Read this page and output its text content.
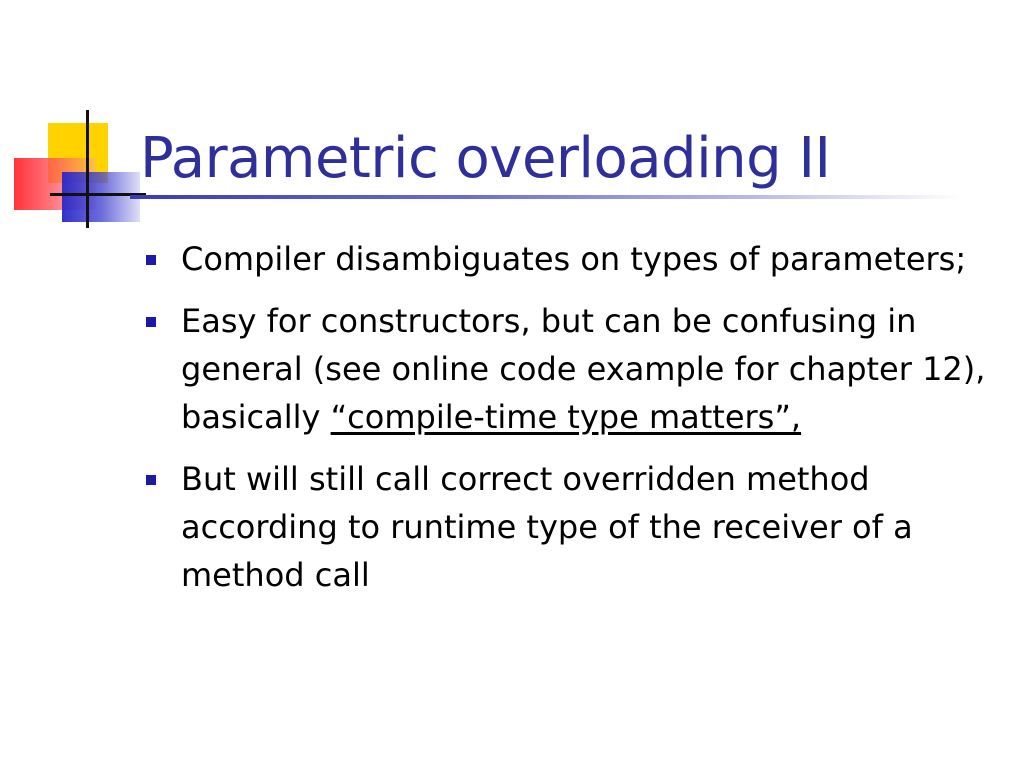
Parametric overloading II
Compiler disambiguates on types of parameters;
Easy for constructors, but can be confusing in general (see online code example for chapter 12), basically “compile-time type matters”,
But will still call correct overridden method according to runtime type of the receiver of a method call
